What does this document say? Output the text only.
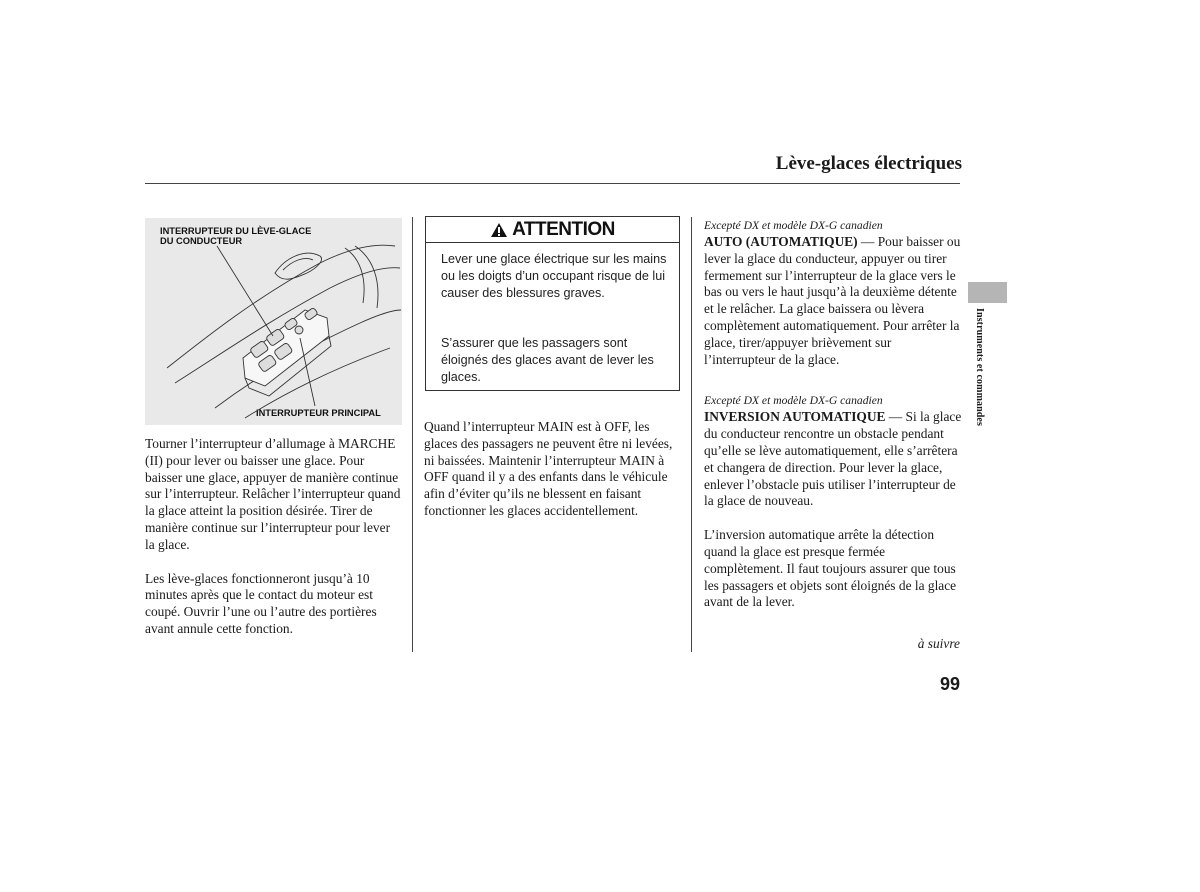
Lève-glaces électriques
INTERRUPTEUR DU LÈVE-GLACE
DU CONDUCTEUR
INTERRUPTEUR PRINCIPAL

Tourner l’interrupteur d’allumage à MARCHE (II) pour lever ou baisser une glace. Pour baisser une glace, appuyer de manière continue sur l’interrupteur. Relâcher l’interrupteur quand la glace atteint la position désirée. Tirer de manière continue sur l’interrupteur pour lever la glace.

Les lève-glaces fonctionneront jusqu’à 10 minutes après que le contact du moteur est coupé. Ouvrir l’une ou l’autre des portières avant annule cette fonction.

ATTENTION
Lever une glace électrique sur les mains ou les doigts d’un occupant risque de lui causer des blessures graves.
S’assurer que les passagers sont éloignés des glaces avant de lever les glaces.

Quand l’interrupteur MAIN est à OFF, les glaces des passagers ne peuvent être ni levées, ni baissées. Maintenir l’interrupteur MAIN à OFF quand il y a des enfants dans le véhicule afin d’éviter qu’ils ne blessent en faisant fonctionner les glaces accidentellement.

Excepté DX et modèle DX-G canadien

AUTO (AUTOMATIQUE) — Pour baisser ou lever la glace du conducteur, appuyer ou tirer fermement sur l’interrupteur de la glace vers le bas ou vers le haut jusqu’à la deuxième détente et le relâcher. La glace baissera ou lèvera complètement automatiquement. Pour arrêter la glace, tirer/appuyer brièvement sur l’interrupteur de la glace.

Excepté DX et modèle DX-G canadien

INVERSION AUTOMATIQUE — Si la glace du conducteur rencontre un obstacle pendant qu’elle se lève automatiquement, elle s’arrêtera et changera de direction. Pour lever la glace, enlever l’obstacle puis utiliser l’interrupteur de la glace de nouveau.

L’inversion automatique arrête la détection quand la glace est presque fermée complètement. Il faut toujours assurer que tous les passagers et objets sont éloignés de la glace avant de la lever.

Instruments et commandes
à suivre
99
